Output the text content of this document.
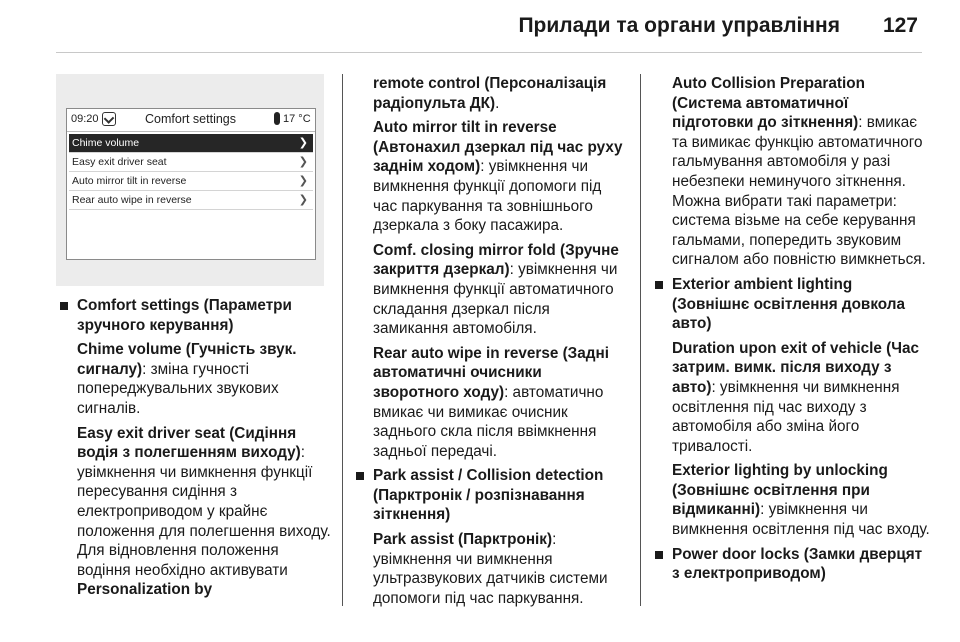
Прилади та органи управління 127
09:20	Comfort settings	17 °C
Chime volume	❯
Easy exit driver seat	❯
Auto mirror tilt in reverse	❯
Rear auto wipe in reverse	❯
Comfort settings (Параметри зручного керування)

Chime volume (Гучність звук. сигналу): зміна гучності попереджувальних звукових сигналів.

Easy exit driver seat (Сидіння водія з полегшенням виходу): увімкнення чи вимкнення функції пересування сидіння з електроприводом у крайнє положення для полегшення виходу. Для відновлення положення водіння необхідно активувати Personalization by

remote control (Персоналізація радіопульта ДК).

Auto mirror tilt in reverse (Автонахил дзеркал під час руху заднім ходом): увімкнення чи вимкнення функції допомоги під час паркування та зовнішнього дзеркала з боку пасажира.

Comf. closing mirror fold (Зручне закриття дзеркал): увімкнення чи вимкнення функції автоматичного складання дзеркал після замикання автомобіля.

Rear auto wipe in reverse (Задні автоматичні очисники зворотного ходу): автоматично вмикає чи вимикає очисник заднього скла після ввімкнення задньої передачі.

Park assist / Collision detection (Парктронік / розпізнавання зіткнення)

Park assist (Парктронік): увімкнення чи вимкнення ультразвукових датчиків системи допомоги під час паркування.

Auto Collision Preparation (Система автоматичної підготовки до зіткнення): вмикає та вимикає функцію автоматичного гальмування автомобіля у разі небезпеки неминучого зіткнення. Можна вибрати такі параметри: система візьме на себе керування гальмами, попередить звуковим сигналом або повністю вимкнеться.

Exterior ambient lighting (Зовнішнє освітлення довкола авто)

Duration upon exit of vehicle (Час затрим. вимк. після виходу з авто): увімкнення чи вимкнення освітлення під час виходу з автомобіля або зміна його тривалості.

Exterior lighting by unlocking (Зовнішнє освітлення при відмиканні): увімкнення чи вимкнення освітлення під час входу.

Power door locks (Замки дверцят з електроприводом)
